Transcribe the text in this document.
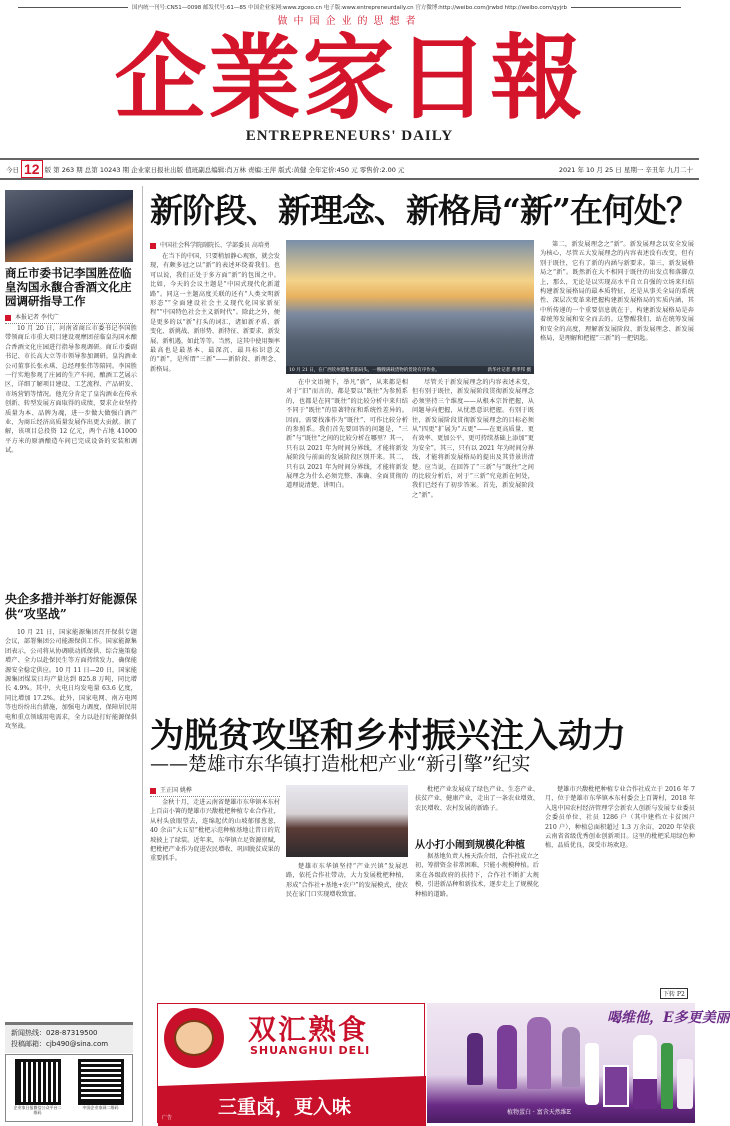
国内统一刊号:CN51—0098 邮发代号:61—85 中国企业家网:www.zgceo.cn 电子版:www.entrepreneurdaily.cn 官方微博:http://weibo.com/jrwbd http://weibo.com/qyjrb
做中国企业的思想者
企業家日報
ENTREPRENEURS' DAILY
今日 12 版 第 263 期 总第 10243 期 企业家日报社出版 值班副总编辑:肖万林 责编:王萍 版式:黄健 全年定价:450 元 零售价:2.00 元	2021 年 10 月 25 日 星期一 辛丑年 九月二十
商丘市委书记李国胜莅临皇沟国永馥合香酒文化庄园调研指导工作
本报记者 李代广
10 月 20 日，河南省商丘市委书记李国胜带领商丘市重大项目建设观摩团莅临皇沟国永酿合香酒文化庄园进行指导参观调研。商丘市委副书记、市长高大立等市领导参加调研。皇沟酒业公司董事长张永琪、总经理张伟等陪同。李国胜一行实地参观了庄园的生产车间、酿酒工艺展示区，详细了解项目建设、工艺流程、产品研发、市场营销等情况。他充分肯定了皇沟酒业在传承创新、转型发展方面取得的成绩，要求企业坚持质量为本、品牌为魂，进一步做大做强白酒产业，为商丘经济高质量发展作出更大贡献。据了解，该项目总投资 12 亿元，两个占地 41000 平方米的原酒酿造车间已完成设备的安装和调试。
央企多措并举打好能源保供“攻坚战”
10 月 21 日，国家能源集团召开保供专题会议，部署集团公司能源保供工作。国家能源集团表示，公司将从协调联动抓保供、综合施策稳增产、全力以赴保民生等方面持续发力，确保能源安全稳定供应。10 月 11 日—20 日，国家能源集团煤炭日均产量达到 825.8 万吨，同比增长 4.9%。其中，火电日均发电量 63.6 亿度，同比增加 17.2%。此外，国家电网、南方电网等也纷纷出台措施，加强电力调度，保障居民用电和重点领域用电需求，全力以赴打好能源保供攻坚战。
新闻热线：028-87319500
投稿邮箱：cjb490@sina.com
企业家日报微信公众平台二维码
中国企业家网二维码
新阶段、新理念、新格局“新”在何处？
中国社会科学院副院长、学部委员 高培勇
在当下的中国，只要稍加静心观察，就会发现，有颇多冠之以“新”的表述环绕着我们。也可以说，我们正处于多方面“新”的包围之中。比如，今天的会议主题是“中国式现代化新道路”。同这一主题高度关联的还有“人类文明新形态”“全面建设社会主义现代化国家新征程”“中国特色社会主义新时代”。除此之外，便是更多的以“新”打头的词汇，诸如新矛盾、新变化、新挑战、新形势、新特征、新要求、新发展、新机遇，如此等等。当然，这其中使用频率最高也是最基本、最深沉、最具标识意义的“新”，是所谓“三新”——新阶段、新理念、新格局。	10 月 21 日，在广西钦州港集装箱码头，一艘艘满载货物的货轮有序作业。	新华社记者 黄孝邦 摄
在中文语境下，举凡“新”，从来都是相对于“旧”而言的，都是要以“既往”为参照系的，也都是在同“既往”的比较分析中来归结不同于“既往”的显著特征和系统性差异的。因而，需要找准作为“既往”、可作比较分析的参照系。我们首先要回答的问题是，“三新”与“既往”之间的比较分析在哪里？其一，只有以 2021 年为时间分界线，才能将新发展阶段与前面的发展阶段区别开来。其二，只有以 2021 年为时间分界线，才能将新发展理念为什么必须完整、准确、全面贯彻的道理说清楚、讲明白。
尽管关于新发展理念的内容表述未变，但有别于既往，新发展阶段贯彻新发展理念必须坚持三个维度——从根本宗旨把握，从问题导向把握，从忧患意识把握。有别于既往，新发展阶段贯彻新发展理念的目标必须从“四更”扩展为“五更”——在更高质量、更有效率、更加公平、更可持续基础上添加“更为安全”。其三，只有以 2021 年为时间分界线，才能将新发展格局的提出及其背景讲清楚。应当说，在回答了“三新”与“既往”之间的比较分析后，对于“三新”究竟新在何处，我们已经有了初步答案。首先，新发展阶段之“新”。
第二，新发展理念之“新”。新发展理念以安全发展为核心，尽管五大发展理念的内容表述没有改变，但有别于既往，它有了新的内涵与新要求。第三，新发展格局之“新”。既然新在大不相同于既往的出发点和落脚点上，那么，无论是以实现高水平自立自强的立场来归结构建新发展格局的最本质特征，还是从事关全局的系统性、深层次变革来把握构建新发展格局的实质内涵，其中所传递的一个重要信息就在于，构建新发展格局是奔着统筹发展和安全而去的。这警醒我们，站在统筹发展和安全的高度，理解新发展阶段、新发展理念、新发展格局，是理解和把握“三新”的一把钥匙。
为脱贫攻坚和乡村振兴注入动力
——楚雄市东华镇打造枇杷产业“新引擎”纪实
王正国 姚桦
金秋十月，走进云南省楚雄市东华镇本东村上百亩小箐的楚雄市兴馥枇杷种植专业合作社，从村头放眼望去，连绵起伏的山坡郁郁葱葱，40 余亩“大五星”枇杷示范种植基地让昔日的荒坡披上了绿装。近年来，东华镇立足资源禀赋，把枇杷产业作为促进农民增收、巩固脱贫成果的重要抓手。
楚雄市东华镇坚持“产业兴镇”发展思路，依托合作社带动，大力发展枇杷种植，形成“合作社+基地+农户”的发展模式，使农民在家门口实现增收致富。
枇杷产业发展成了绿色产业、生态产业、扶贫产业、健康产业，走出了一条农业增效、农民增收、农村发展的新路子。
从小打小闹到规模化种植
据基地负责人杨天浩介绍，合作社成立之初，筹措资金非常困难，只能小规模种植。后来在各级政府的扶持下，合作社不断扩大规模，引进新品种和新技术，逐步走上了规模化种植的道路。
楚雄市兴馥枇杷种植专业合作社成立于 2016 年 7 月，位于楚雄市东华镇本东村委会上百箐村，2018 年入选中国农村经济管理学会新农人创新与发展专业委员会委员单位，社员 1286 户（其中建档立卡贫困户 210 户），种植总面积超过 1.3 万余亩，2020 年荣获云南省省级优秀创业创新项目。这里的枇杷采用绿色种植，品质优良，深受市场欢迎。
下转 P2
双汇熟食
SHUANGHUI DELI
三重卤，更入味
广告
喝维他，E多更美丽
植物蛋白 · 富含天然维E
